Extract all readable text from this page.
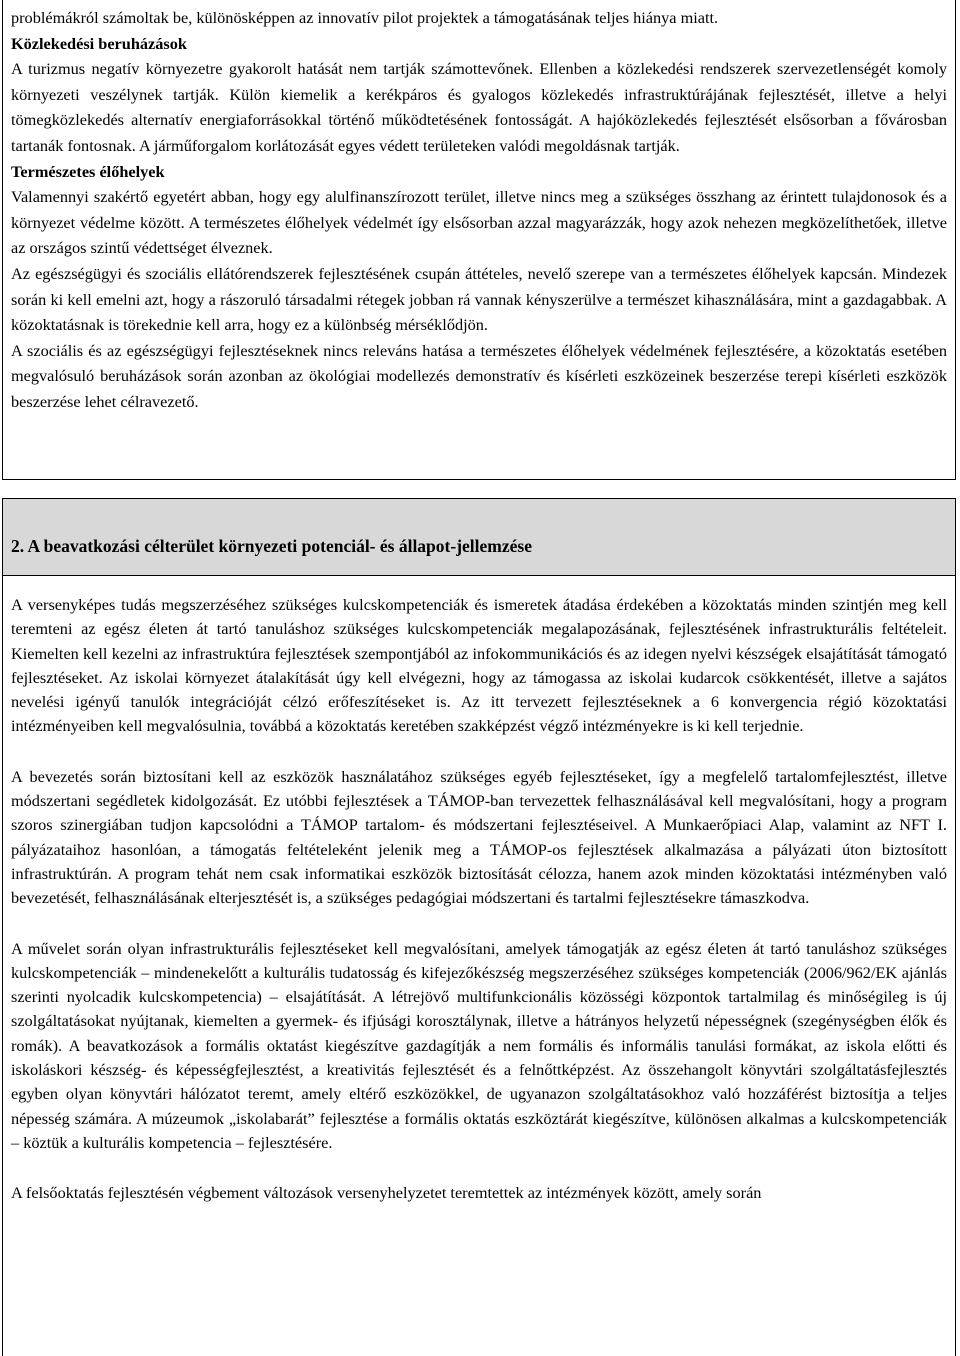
problémákról számoltak be, különösképpen az innovatív pilot projektek a támogatásának teljes hiánya miatt.

Közlekedési beruházások

A turizmus negatív környezetre gyakorolt hatását nem tartják számottevőnek. Ellenben a közlekedési rendszerek szervezetlenségét komoly környezeti veszélynek tartják. Külön kiemelik a kerékpáros és gyalogos közlekedés infrastruktúrájának fejlesztését, illetve a helyi tömegközlekedés alternatív energiaforrásokkal történő működtetésének fontosságát. A hajóközlekedés fejlesztését elsősorban a fővárosban tartanák fontosnak. A járműforgalom korlátozását egyes védett területeken valódi megoldásnak tartják.

Természetes élőhelyek

Valamennyi szakértő egyetért abban, hogy egy alulfinanszírozott terület, illetve nincs meg a szükséges összhang az érintett tulajdonosok és a környezet védelme között. A természetes élőhelyek védelmét így elsősorban azzal magyarázzák, hogy azok nehezen megközelíthetőek, illetve az országos szintű védettséget élveznek.

Az egészségügyi és szociális ellátórendszerek fejlesztésének csupán áttételes, nevelő szerepe van a természetes élőhelyek kapcsán. Mindezek során ki kell emelni azt, hogy a rászoruló társadalmi rétegek jobban rá vannak kényszerülve a természet kihasználására, mint a gazdagabbak. A közoktatásnak is törekednie kell arra, hogy ez a különbség mérséklődjön.

A szociális és az egészségügyi fejlesztéseknek nincs releváns hatása a természetes élőhelyek védelmének fejlesztésére, a közoktatás esetében megvalósuló beruházások során azonban az ökológiai modellezés demonstratív és kísérleti eszközeinek beszerzése terepi kísérleti eszközök beszerzése lehet célravezető.

2. A beavatkozási célterület környezeti potenciál- és állapot-jellemzése

A versenyképes tudás megszerzéséhez szükséges kulcskompetenciák és ismeretek átadása érdekében a közoktatás minden szintjén meg kell teremteni az egész életen át tartó tanuláshoz szükséges kulcskompetenciák megalapozásának, fejlesztésének infrastrukturális feltételeit. Kiemelten kell kezelni az infrastruktúra fejlesztések szempontjából az infokommunikációs és az idegen nyelvi készségek elsajátítását támogató fejlesztéseket. Az iskolai környezet átalakítását úgy kell elvégezni, hogy az támogassa az iskolai kudarcok csökkentését, illetve a sajátos nevelési igényű tanulók integrációját célzó erőfeszítéseket is. Az itt tervezett fejlesztéseknek a 6 konvergencia régió közoktatási intézményeiben kell megvalósulnia, továbbá a közoktatás keretében szakképzést végző intézményekre is ki kell terjednie.

A bevezetés során biztosítani kell az eszközök használatához szükséges egyéb fejlesztéseket, így a megfelelő tartalomfejlesztést, illetve módszertani segédletek kidolgozását. Ez utóbbi fejlesztések a TÁMOP-ban tervezettek felhasználásával kell megvalósítani, hogy a program szoros szinergiában tudjon kapcsolódni a TÁMOP tartalom- és módszertani fejlesztéseivel. A Munkaerőpiaci Alap, valamint az NFT I. pályázataihoz hasonlóan, a támogatás feltételeként jelenik meg a TÁMOP-os fejlesztések alkalmazása a pályázati úton biztosított infrastruktúrán. A program tehát nem csak informatikai eszközök biztosítását célozza, hanem azok minden közoktatási intézményben való bevezetését, felhasználásának elterjesztését is, a szükséges pedagógiai módszertani és tartalmi fejlesztésekre támaszkodva.

A művelet során olyan infrastrukturális fejlesztéseket kell megvalósítani, amelyek támogatják az egész életen át tartó tanuláshoz szükséges kulcskompetenciák – mindenekelőtt a kulturális tudatosság és kifejezőkészség megszerzéséhez szükséges kompetenciák (2006/962/EK ajánlás szerinti nyolcadik kulcskompetencia) – elsajátítását. A létrejövő multifunkcionális közösségi központok tartalmilag és minőségileg is új szolgáltatásokat nyújtanak, kiemelten a gyermek- és ifjúsági korosztálynak, illetve a hátrányos helyzetű népességnek (szegénységben élők és romák). A beavatkozások a formális oktatást kiegészítve gazdagítják a nem formális és informális tanulási formákat, az iskola előtti és iskoláskori készség- és képességfejlesztést, a kreativitás fejlesztését és a felnőttképzést. Az összehangolt könyvtári szolgáltatásfejlesztés egyben olyan könyvtári hálózatot teremt, amely eltérő eszközökkel, de ugyanazon szolgáltatásokhoz való hozzáférést biztosítja a teljes népesség számára. A múzeumok „iskolabarát” fejlesztése a formális oktatás eszköztárát kiegészítve, különösen alkalmas a kulcskompetenciák – köztük a kulturális kompetencia – fejlesztésére.

A felsőoktatás fejlesztésén végbement változások versenyhelyzetet teremtettek az intézmények között, amely során
